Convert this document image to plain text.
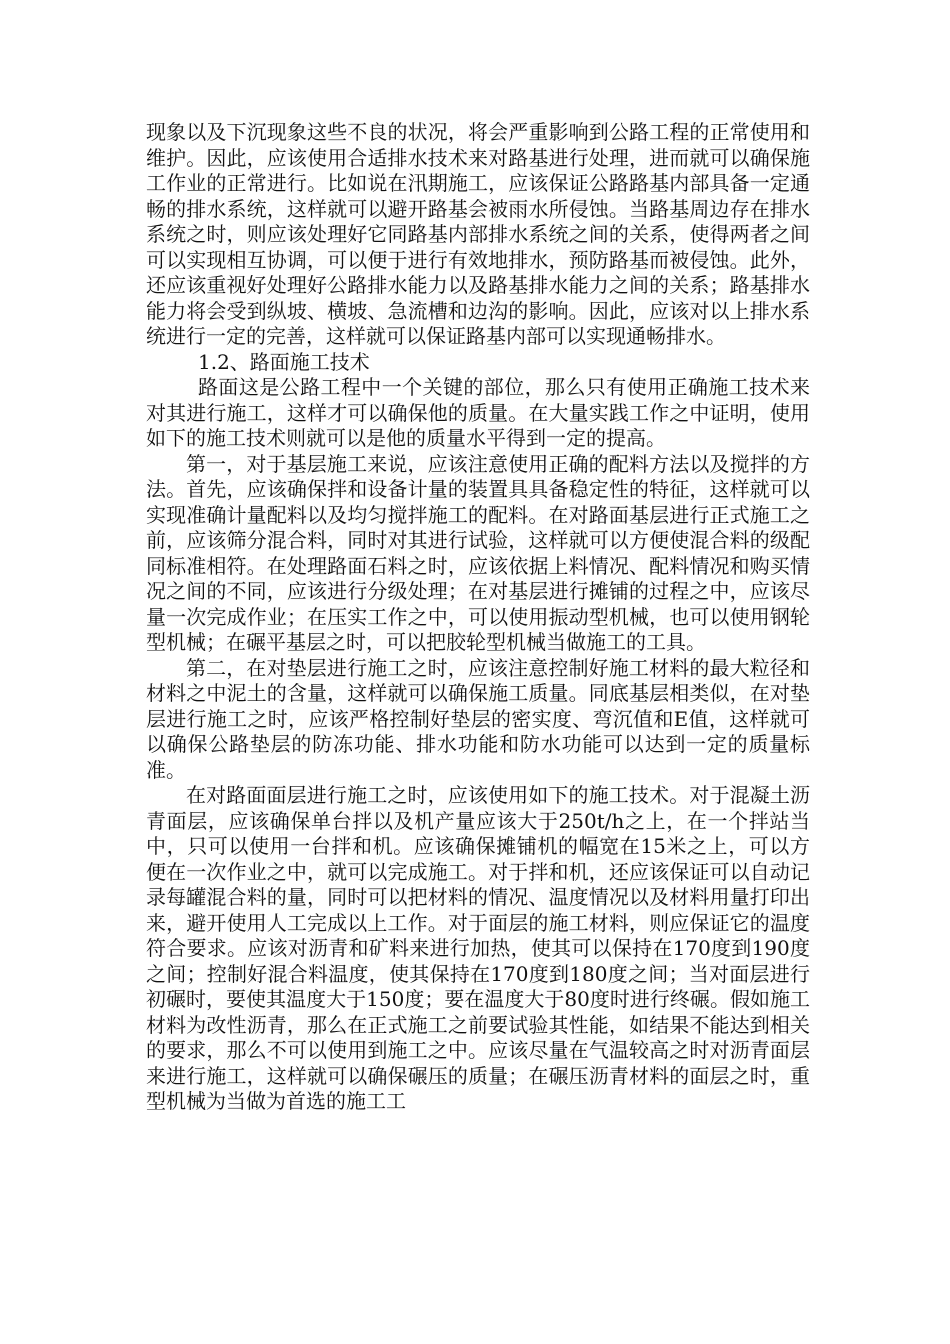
现象以及下沉现象这些不良的状况，将会严重影响到公路工程的正常使用和维护。因此，应该使用合适排水技术来对路基进行处理，进而就可以确保施工作业的正常进行。比如说在汛期施工，应该保证公路路基内部具备一定通畅的排水系统，这样就可以避开路基会被雨水所侵蚀。当路基周边存在排水系统之时，则应该处理好它同路基内部排水系统之间的关系，使得两者之间可以实现相互协调，可以便于进行有效地排水，预防路基而被侵蚀。此外，还应该重视好处理好公路排水能力以及路基排水能力之间的关系；路基排水能力将会受到纵坡、横坡、急流槽和边沟的影响。因此，应该对以上排水系统进行一定的完善，这样就可以保证路基内部可以实现通畅排水。

1.2、路面施工技术

路面这是公路工程中一个关键的部位，那么只有使用正确施工技术来对其进行施工，这样才可以确保他的质量。在大量实践工作之中证明，使用如下的施工技术则就可以是他的质量水平得到一定的提高。

第一，对于基层施工来说，应该注意使用正确的配料方法以及搅拌的方法。首先，应该确保拌和设备计量的装置具具备稳定性的特征，这样就可以实现准确计量配料以及均匀搅拌施工的配料。在对路面基层进行正式施工之前，应该筛分混合料，同时对其进行试验，这样就可以方便使混合料的级配同标准相符。在处理路面石料之时，应该依据上料情况、配料情况和购买情况之间的不同，应该进行分级处理；在对基层进行摊铺的过程之中，应该尽量一次完成作业；在压实工作之中，可以使用振动型机械，也可以使用钢轮型机械；在碾平基层之时，可以把胶轮型机械当做施工的工具。

第二，在对垫层进行施工之时，应该注意控制好施工材料的最大粒径和材料之中泥土的含量，这样就可以确保施工质量。同底基层相类似，在对垫层进行施工之时，应该严格控制好垫层的密实度、弯沉值和E值，这样就可以确保公路垫层的防冻功能、排水功能和防水功能可以达到一定的质量标准。

在对路面面层进行施工之时，应该使用如下的施工技术。对于混凝土沥青面层，应该确保单台拌以及机产量应该大于250t/h之上，在一个拌站当中，只可以使用一台拌和机。应该确保摊铺机的幅宽在15米之上，可以方便在一次作业之中，就可以完成施工。对于拌和机，还应该保证可以自动记录每罐混合料的量，同时可以把材料的情况、温度情况以及材料用量打印出来，避开使用人工完成以上工作。对于面层的施工材料，则应保证它的温度符合要求。应该对沥青和矿料来进行加热，使其可以保持在170度到190度之间；控制好混合料温度，使其保持在170度到180度之间；当对面层进行初碾时，要使其温度大于150度；要在温度大于80度时进行终碾。假如施工材料为改性沥青，那么在正式施工之前要试验其性能，如结果不能达到相关的要求，那么不可以使用到施工之中。应该尽量在气温较高之时对沥青面层来进行施工，这样就可以确保碾压的质量；在碾压沥青材料的面层之时，重型机械为当做为首选的施工工
